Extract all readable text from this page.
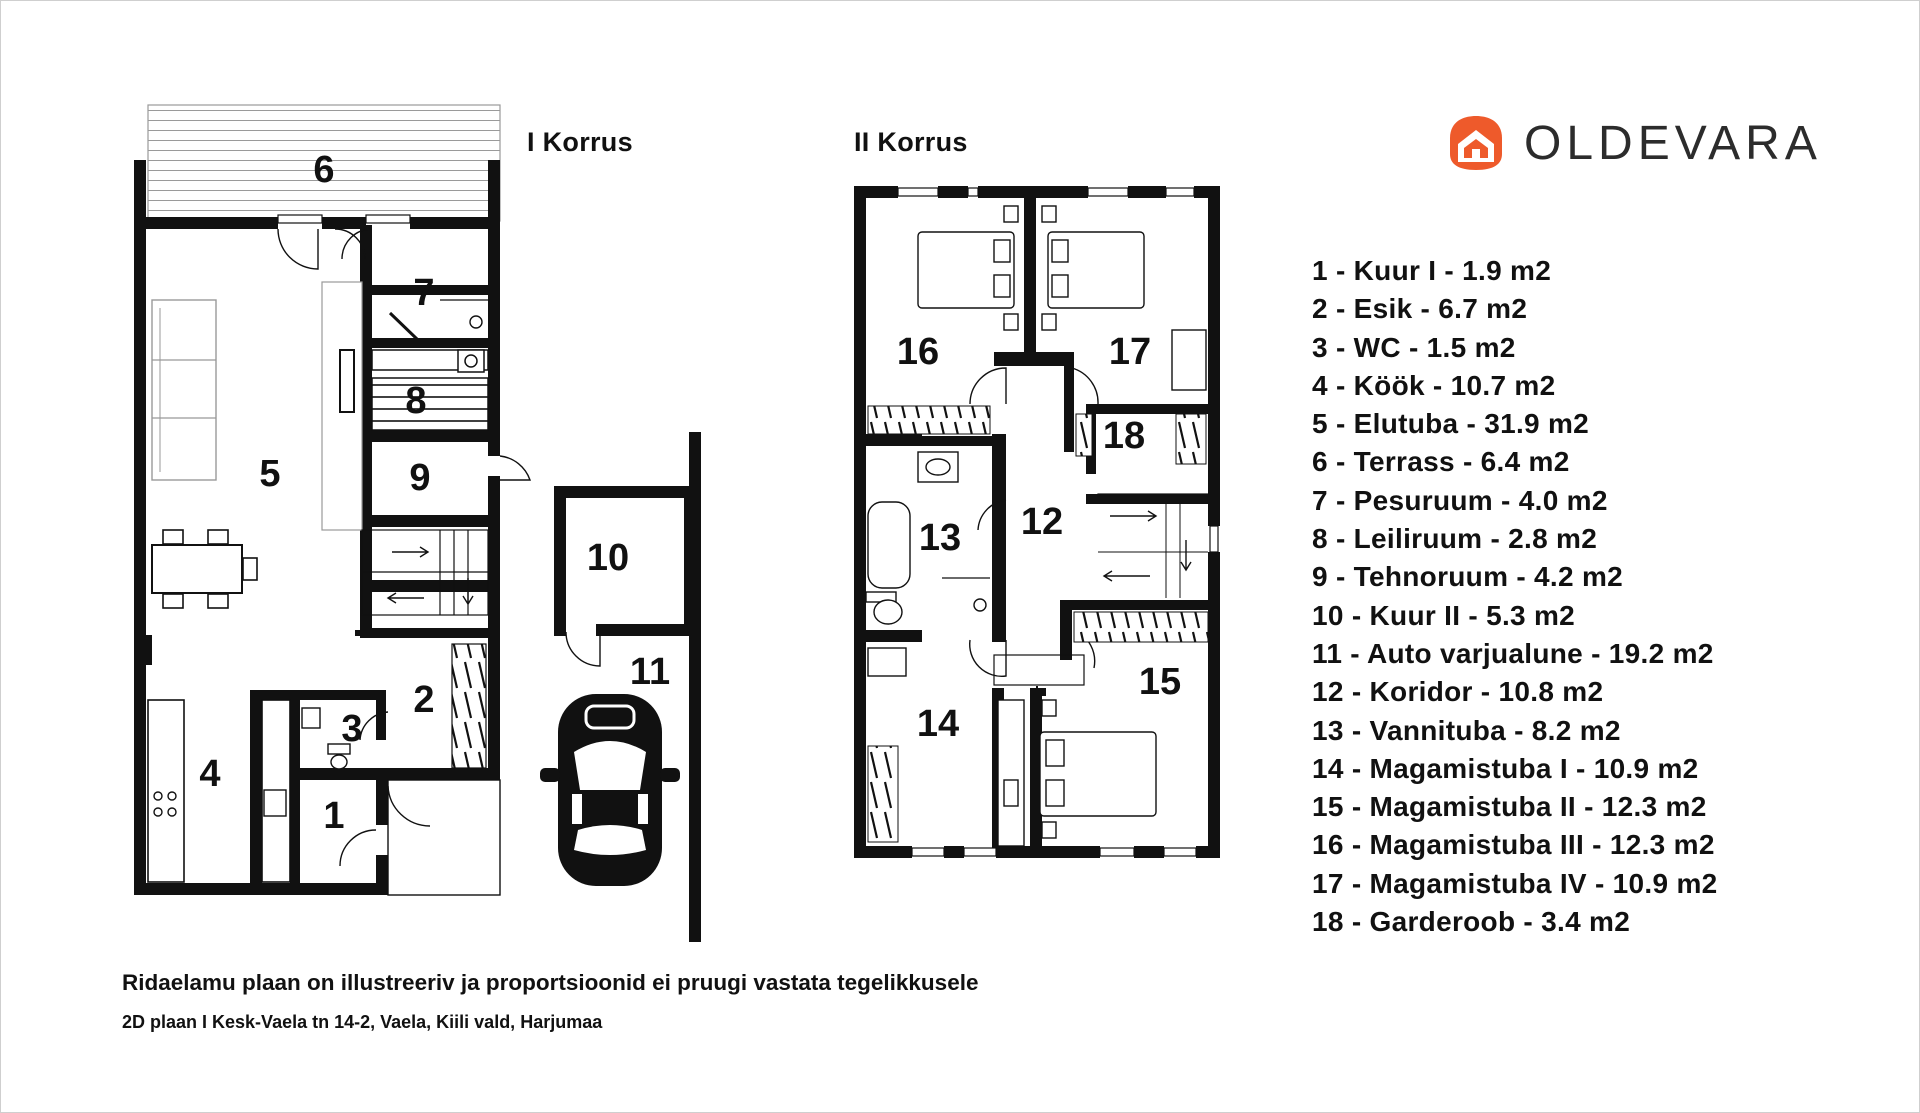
1
2
3
4
5
6
7
8
9
10
11
12
13
14
15
16	17
18
I Korrus	II Korrus	OLDEVARA
1 - Kuur I - 1.9 m2
2 - Esik - 6.7 m2
3 - WC - 1.5 m2
4 - Köök - 10.7 m2
5 - Elutuba - 31.9 m2
6 - Terrass - 6.4 m2
7 - Pesuruum - 4.0 m2
8 - Leiliruum - 2.8 m2
9 - Tehnoruum - 4.2 m2
10 - Kuur II - 5.3 m2
11 - Auto varjualune - 19.2 m2
12 - Koridor - 10.8 m2
13 - Vannituba - 8.2 m2
14 - Magamistuba I - 10.9 m2
15 - Magamistuba II - 12.3 m2
16 - Magamistuba III - 12.3 m2
17 - Magamistuba IV - 10.9 m2
18 - Garderoob - 3.4 m2
Ridaelamu plaan on illustreeriv ja proportsioonid ei pruugi vastata tegelikkusele
2D plaan I Kesk-Vaela tn 14-2, Vaela, Kiili vald, Harjumaa
